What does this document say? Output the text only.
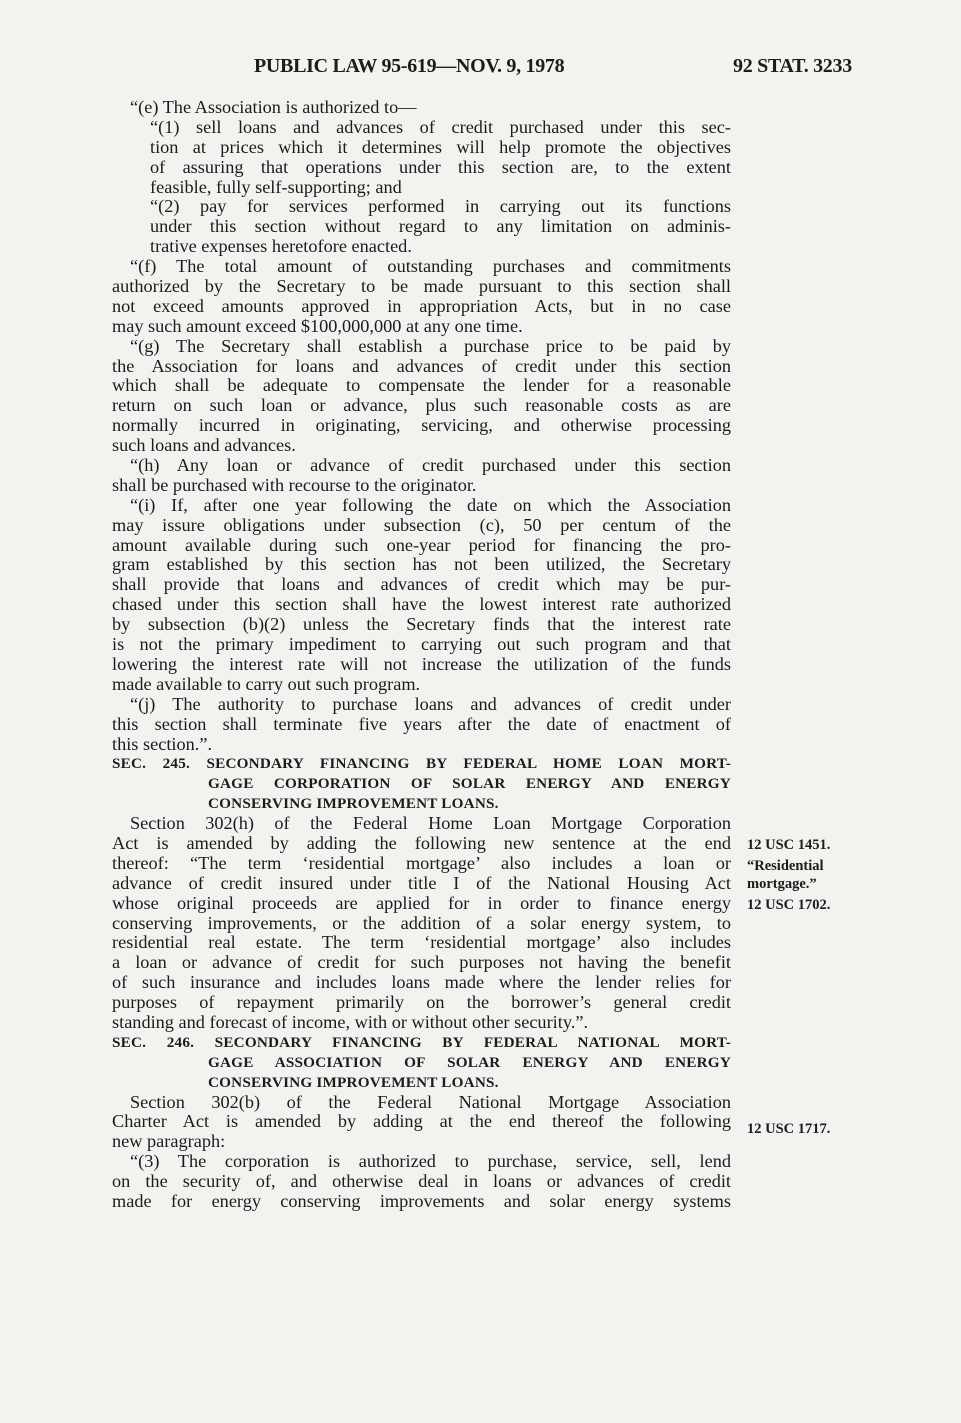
PUBLIC LAW 95-619—NOV. 9, 1978	92 STAT. 3233
“(e) The Association is authorized to—
“(1) sell loans and advances of credit purchased under this sec-
tion at prices which it determines will help promote the objectives
of assuring that operations under this section are, to the extent
feasible, fully self-supporting; and
“(2) pay for services performed in carrying out its functions
under this section without regard to any limitation on adminis-
trative expenses heretofore enacted.
“(f) The total amount of outstanding purchases and commitments
authorized by the Secretary to be made pursuant to this section shall
not exceed amounts approved in appropriation Acts, but in no case
may such amount exceed $100,000,000 at any one time.
“(g) The Secretary shall establish a purchase price to be paid by
the Association for loans and advances of credit under this section
which shall be adequate to compensate the lender for a reasonable
return on such loan or advance, plus such reasonable costs as are
normally incurred in originating, servicing, and otherwise processing
such loans and advances.
“(h) Any loan or advance of credit purchased under this section
shall be purchased with recourse to the originator.
“(i) If, after one year following the date on which the Association
may issure obligations under subsection (c), 50 per centum of the
amount available during such one-year period for financing the pro-
gram established by this section has not been utilized, the Secretary
shall provide that loans and advances of credit which may be pur-
chased under this section shall have the lowest interest rate authorized
by subsection (b)(2) unless the Secretary finds that the interest rate
is not the primary impediment to carrying out such program and that
lowering the interest rate will not increase the utilization of the funds
made available to carry out such program.
“(j) The authority to purchase loans and advances of credit under
this section shall terminate five years after the date of enactment of
this section.”.
SEC. 245. SECONDARY FINANCING BY FEDERAL HOME LOAN MORT-
GAGE CORPORATION OF SOLAR ENERGY AND ENERGY
CONSERVING IMPROVEMENT LOANS.
Section 302(h) of the Federal Home Loan Mortgage Corporation
Act is amended by adding the following new sentence at the end
thereof: “The term ‘residential mortgage’ also includes a loan or
advance of credit insured under title I of the National Housing Act
whose original proceeds are applied for in order to finance energy
conserving improvements, or the addition of a solar energy system, to
residential real estate. The term ‘residential mortgage’ also includes
a loan or advance of credit for such purposes not having the benefit
of such insurance and includes loans made where the lender relies for
purposes of repayment primarily on the borrower’s general credit
standing and forecast of income, with or without other security.”.
SEC. 246. SECONDARY FINANCING BY FEDERAL NATIONAL MORT-
GAGE ASSOCIATION OF SOLAR ENERGY AND ENERGY
CONSERVING IMPROVEMENT LOANS.
Section 302(b) of the Federal National Mortgage Association
Charter Act is amended by adding at the end thereof the following
new paragraph:
“(3) The corporation is authorized to purchase, service, sell, lend
on the security of, and otherwise deal in loans or advances of credit
made for energy conserving improvements and solar energy systems
12 USC 1451.
“Residential
mortgage.”
12 USC 1702.
12 USC 1717.
